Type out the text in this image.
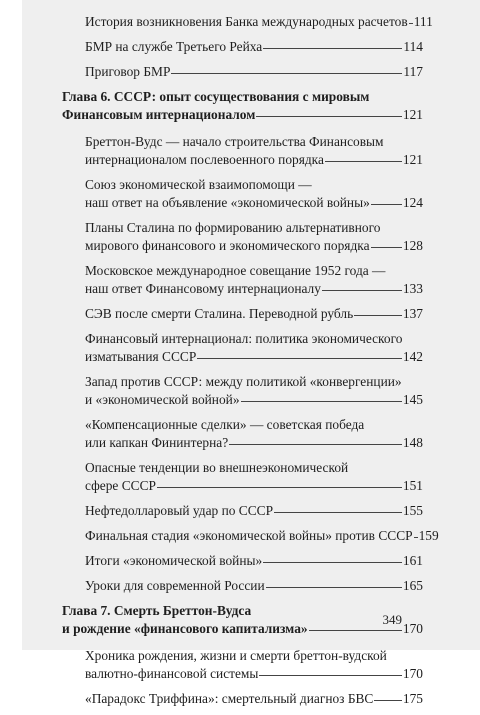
История возникновения Банка международных расчетов 111
БМР на службе Третьего Рейха	114
Приговор БМР	117
Глава 6. СССР: опыт сосуществования с мировым
Финансовым интернационалом	121
Бреттон-Вудс — начало строительства Финансовым
интернационалом послевоенного порядка	121
Союз экономической взаимопомощи —
наш ответ на объявление «экономической войны» 124
Планы Сталина по формированию альтернативного
мирового финансового и экономического порядка 128
Московское международное совещание 1952 года —
наш ответ Финансовому интернационалу	133
СЭВ после смерти Сталина. Переводной рубль	137
Финансовый интернационал: политика экономического
изматывания СССР	142
Запад против СССР: между политикой «конвергенции»
и «экономической войной»	145
«Компенсационные сделки» — советская победа
или капкан Фининтерна?	148
Опасные тенденции во внешнеэкономической
сфере СССР	151
Нефтедолларовый удар по СССР	155
Финальная стадия «экономической войны» против СССР 159
Итоги «экономической войны»	161
Уроки для современной России	165
Глава 7. Смерть Бреттон-Вудса
и рождение «финансового капитализма»	170
Хроника рождения, жизни и смерти бреттон-вудской
валютно-финансовой системы	170
«Парадокс Триффина»: смертельный диагноз БВС 175
349
